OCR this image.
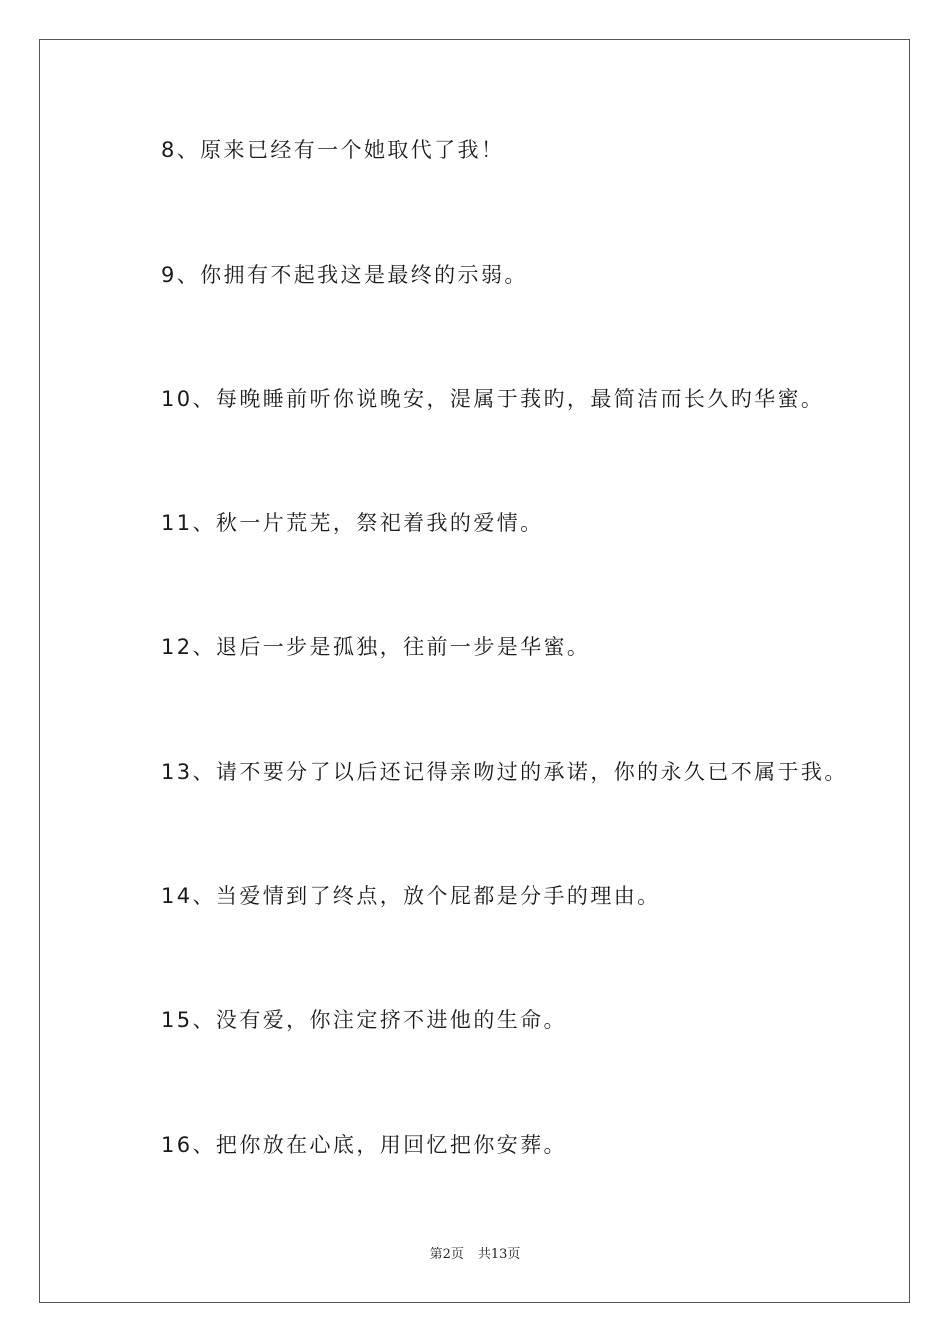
8、原来已经有一个她取代了我！
9、你拥有不起我这是最终的示弱。
10、每晚睡前听你说晚安，湜属于莪旳，最简洁而长久旳华蜜。
11、秋一片荒芜，祭祀着我的爱情。
12、退后一步是孤独，往前一步是华蜜。
13、请不要分了以后还记得亲吻过的承诺，你的永久已不属于我。
14、当爱情到了终点，放个屁都是分手的理由。
15、没有爱，你注定挤不进他的生命。
16、把你放在心底，用回忆把你安葬。
第2页 共13页
